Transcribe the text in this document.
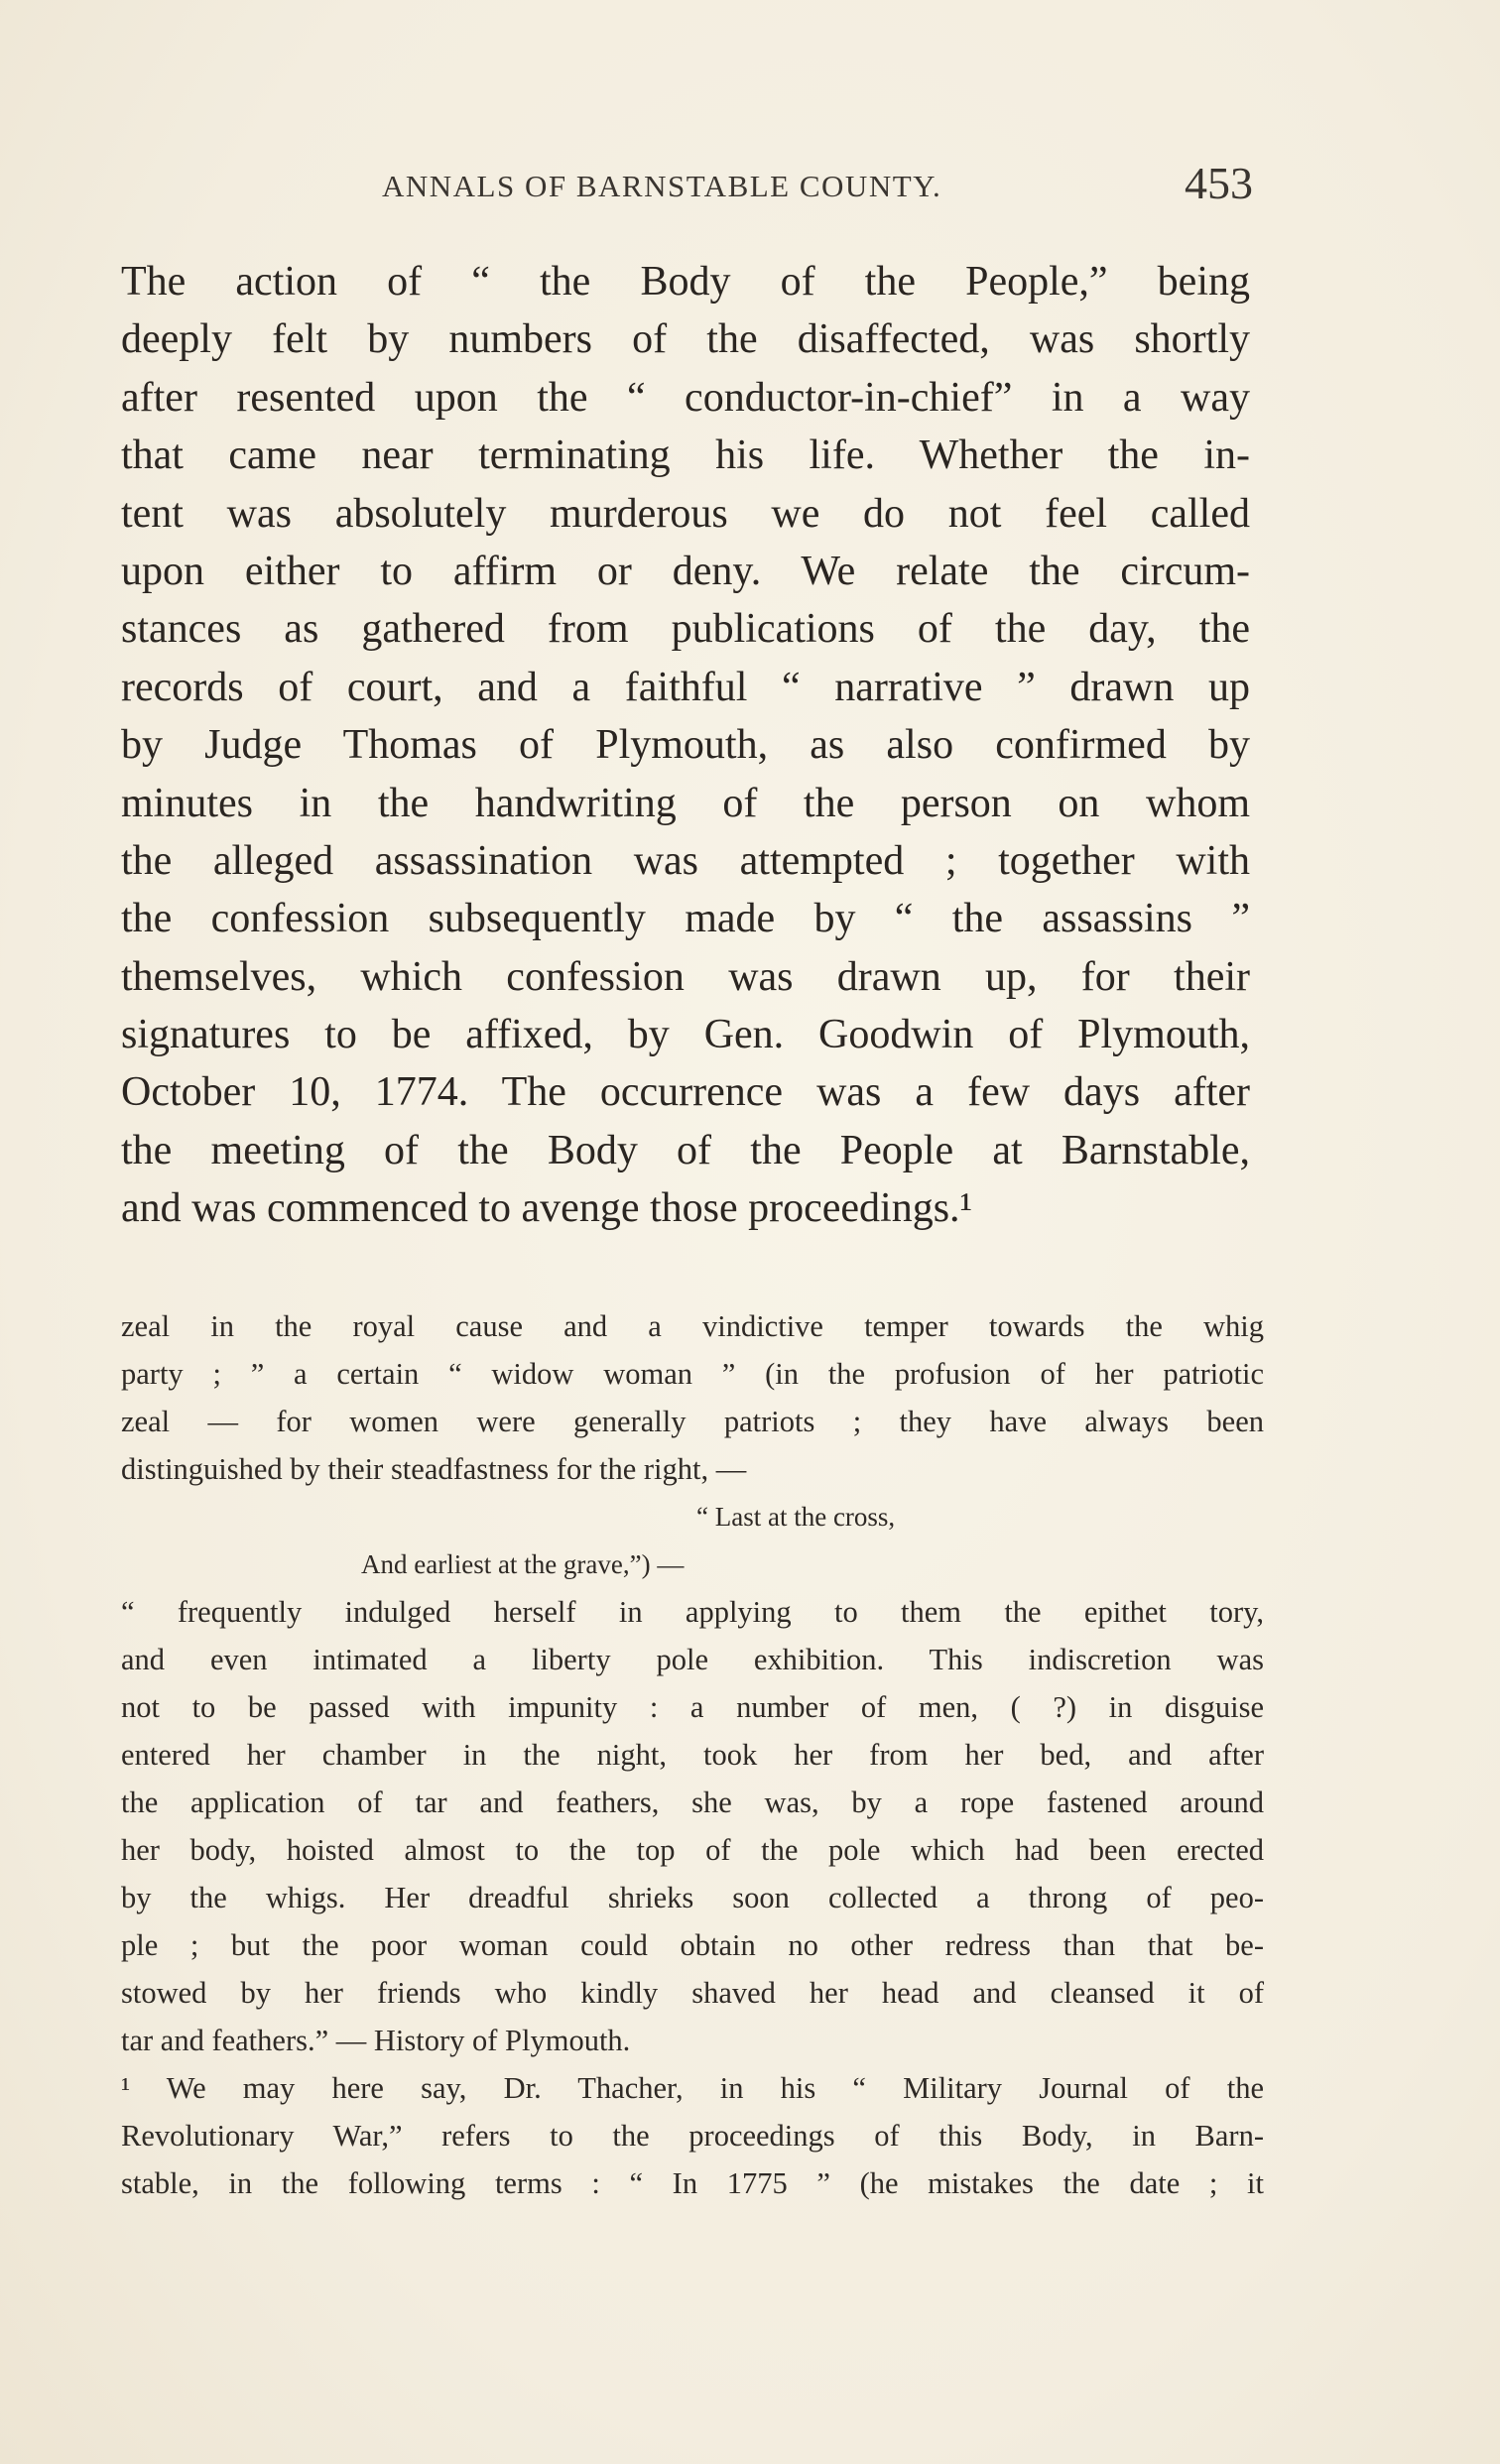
ANNALS OF BARNSTABLE COUNTY.	453
The action of “ the Body of the People,” being
deeply felt by numbers of the disaffected, was shortly
after resented upon the “ conductor-in-chief” in a way
that came near terminating his life. Whether the in-
tent was absolutely murderous we do not feel called
upon either to affirm or deny. We relate the circum-
stances as gathered from publications of the day, the
records of court, and a faithful “ narrative ” drawn up
by Judge Thomas of Plymouth, as also confirmed by
minutes in the handwriting of the person on whom
the alleged assassination was attempted ; together with
the confession subsequently made by “ the assassins ”
themselves, which confession was drawn up, for their
signatures to be affixed, by Gen. Goodwin of Plymouth,
October 10, 1774. The occurrence was a few days after
the meeting of the Body of the People at Barnstable,
and was commenced to avenge those proceedings.¹
zeal in the royal cause and a vindictive temper towards the whig
party ; ” a certain “ widow woman ” (in the profusion of her patriotic
zeal — for women were generally patriots ; they have always been
distinguished by their steadfastness for the right, —
“ Last at the cross,
And earliest at the grave,”) —
“ frequently indulged herself in applying to them the epithet tory,
and even intimated a liberty pole exhibition. This indiscretion was
not to be passed with impunity : a number of men, ( ?) in disguise
entered her chamber in the night, took her from her bed, and after
the application of tar and feathers, she was, by a rope fastened around
her body, hoisted almost to the top of the pole which had been erected
by the whigs. Her dreadful shrieks soon collected a throng of peo-
ple ; but the poor woman could obtain no other redress than that be-
stowed by her friends who kindly shaved her head and cleansed it of
tar and feathers.” — History of Plymouth.
¹ We may here say, Dr. Thacher, in his “ Military Journal of the
Revolutionary War,” refers to the proceedings of this Body, in Barn-
stable, in the following terms : “ In 1775 ” (he mistakes the date ; it
